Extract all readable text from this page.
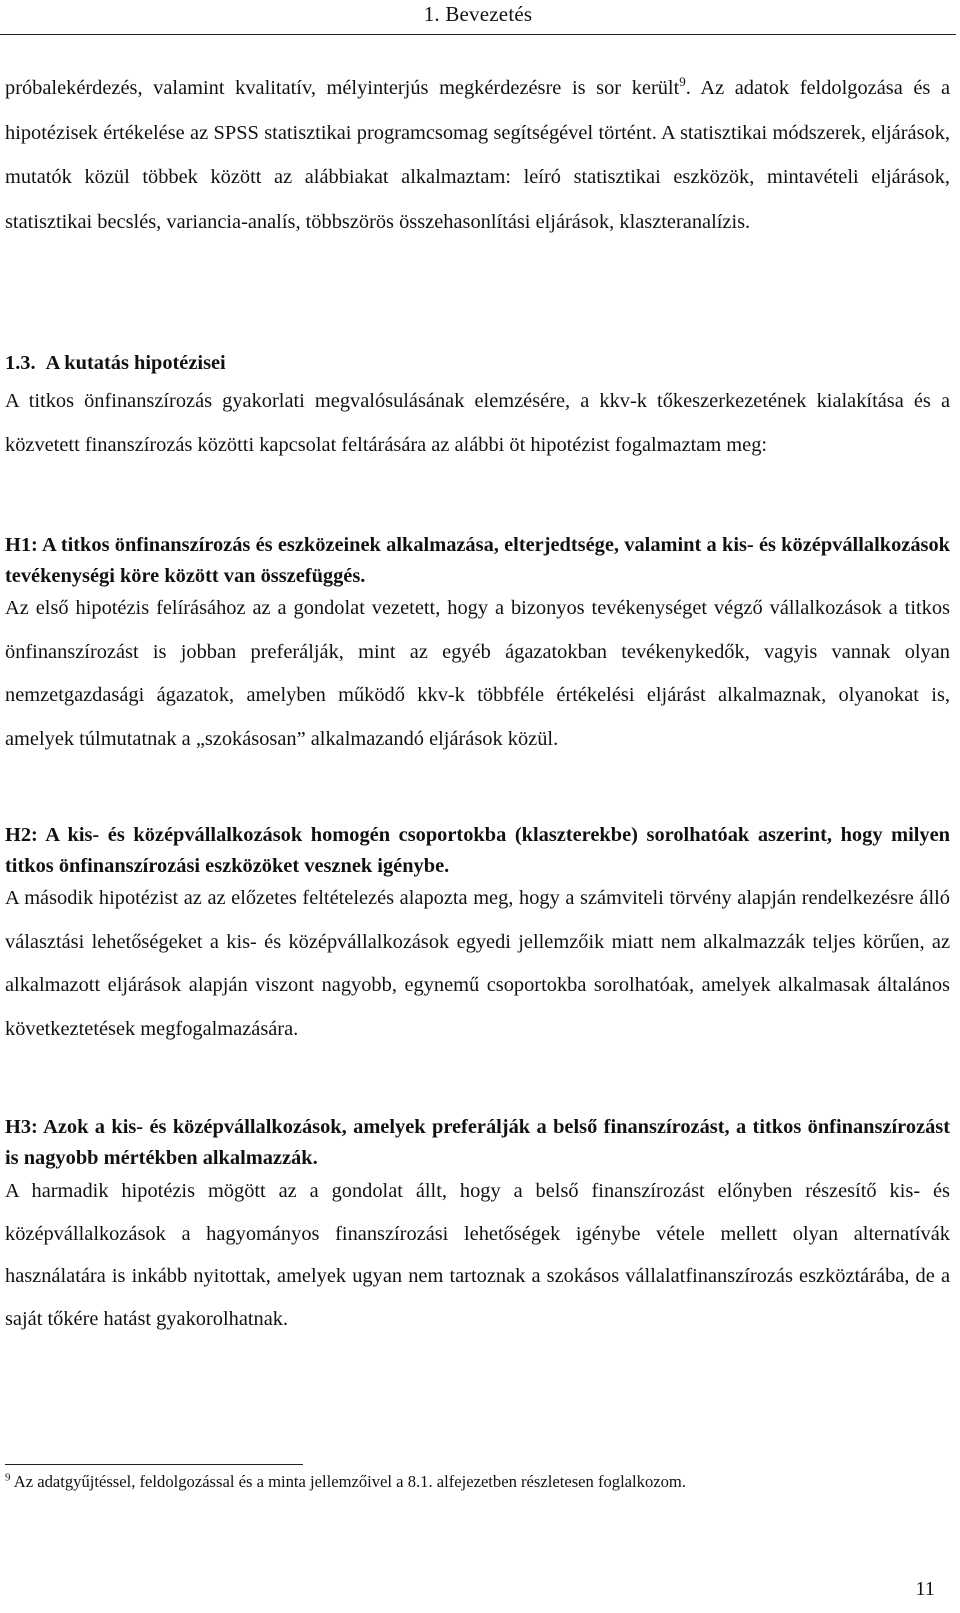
1. Bevezetés

próbalekérdezés, valamint kvalitatív, mélyinterjús megkérdezésre is sor került$^9$. Az adatok feldolgozása és a hipotézisek értékelése az SPSS statisztikai programcsomag segítségével történt. A statisztikai módszerek, eljárások, mutatók közül többek között az alábbiakat alkalmaztam: leíró statisztikai eszközök, mintavételi eljárások, statisztikai becslés, variancia-analís, többszörös összehasonlítási eljárások, klaszteranalízis.

1.3. A kutatás hipotézisei

A titkos önfinanszírozás gyakorlati megvalósulásának elemzésére, a kkv-k tőkeszerkezetének kialakítása és a közvetett finanszírozás közötti kapcsolat feltárására az alábbi öt hipotézist fogalmaztam meg:

H1: A titkos önfinanszírozás és eszközeinek alkalmazása, elterjedtsége, valamint a kis- és középvállalkozások tevékenységi köre között van összefüggés.

Az első hipotézis felírásához az a gondolat vezetett, hogy a bizonyos tevékenységet végző vállalkozások a titkos önfinanszírozást is jobban preferálják, mint az egyéb ágazatokban tevékenykedők, vagyis vannak olyan nemzetgazdasági ágazatok, amelyben működő kkv-k többféle értékelési eljárást alkalmaznak, olyanokat is, amelyek túlmutatnak a „szokásosan” alkalmazandó eljárások közül.

H2: A kis- és középvállalkozások homogén csoportokba (klaszterekbe) sorolhatóak aszerint, hogy milyen titkos önfinanszírozási eszközöket vesznek igénybe.

A második hipotézist az az előzetes feltételezés alapozta meg, hogy a számviteli törvény alapján rendelkezésre álló választási lehetőségeket a kis- és középvállalkozások egyedi jellemzőik miatt nem alkalmazzák teljes körűen, az alkalmazott eljárások alapján viszont nagyobb, egynemű csoportokba sorolhatóak, amelyek alkalmasak általános következtetések megfogalmazására.

H3: Azok a kis- és középvállalkozások, amelyek preferálják a belső finanszírozást, a titkos önfinanszírozást is nagyobb mértékben alkalmazzák.

A harmadik hipotézis mögött az a gondolat állt, hogy a belső finanszírozást előnyben részesítő kis- és középvállalkozások a hagyományos finanszírozási lehetőségek igénybe vétele mellett olyan alternatívák használatára is inkább nyitottak, amelyek ugyan nem tartoznak a szokásos vállalatfinanszírozás eszköztárába, de a saját tőkére hatást gyakorolhatnak.

$^9$ Az adatgyűjtéssel, feldolgozással és a minta jellemzőivel a 8.1. alfejezetben részletesen foglalkozom.
11
